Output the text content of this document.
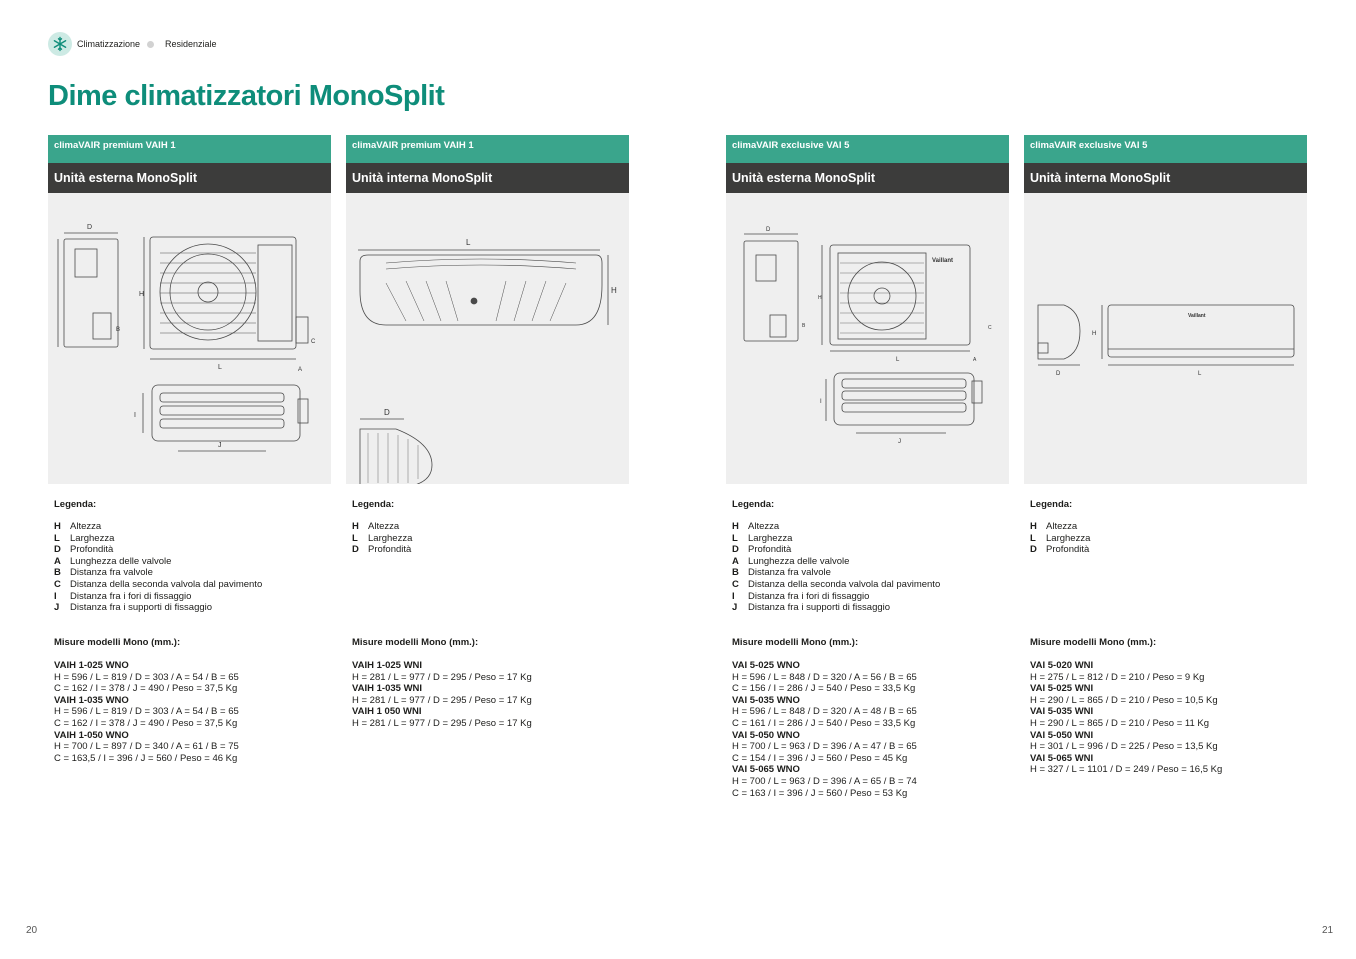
Climatizzazione	Residenziale
Dime climatizzatori MonoSplit
climaVAIR premium VAIH 1
Unità esterna MonoSplit
D
B
H
L
C
A
I
J
Legenda:
H Altezza
L Larghezza
D Profondità
A Lunghezza delle valvole
B Distanza fra valvole
C Distanza della seconda valvola dal pavimento
I Distanza fra i fori di fissaggio
J Distanza fra i supporti di fissaggio
Misure modelli Mono (mm.):
VAIH 1-025 WNO
H = 596 / L = 819 / D = 303 / A = 54 / B = 65
C = 162 / I = 378 / J = 490 / Peso = 37,5 Kg
VAIH 1-035 WNO
H = 596 / L = 819 / D = 303 / A = 54 / B = 65
C = 162 / I = 378 / J = 490 / Peso = 37,5 Kg
VAIH 1-050 WNO
H = 700 / L = 897 / D = 340 / A = 61 / B = 75
C = 163,5 / I = 396 / J = 560 / Peso = 46 Kg
climaVAIR premium VAIH 1
Unità interna MonoSplit
L
H
D
Legenda:
H Altezza
L Larghezza
D Profondità
Misure modelli Mono (mm.):
VAIH 1-025 WNI
H = 281 / L = 977 / D = 295 / Peso = 17 Kg
VAIH 1-035 WNI
H = 281 / L = 977 / D = 295 / Peso = 17 Kg
VAIH 1 050 WNI
H = 281 / L = 977 / D = 295 / Peso = 17 Kg
climaVAIR exclusive VAI 5
Unità esterna MonoSplit
D
B
Vaillant
H
L	A
C
I
J
Legenda:
H Altezza
L Larghezza
D Profondità
A Lunghezza delle valvole
B Distanza fra valvole
C Distanza della seconda valvola dal pavimento
I Distanza fra i fori di fissaggio
J Distanza fra i supporti di fissaggio
Misure modelli Mono (mm.):
VAI 5-025 WNO
H = 596 / L = 848 / D = 320 / A = 56 / B = 65
C = 156 / I = 286 / J = 540 / Peso = 33,5 Kg
VAI 5-035 WNO
H = 596 / L = 848 / D = 320 / A = 48 / B = 65
C = 161 / I = 286 / J = 540 / Peso = 33,5 Kg
VAI 5-050 WNO
H = 700 / L = 963 / D = 396 / A = 47 / B = 65
C = 154 / I = 396 / J = 560 / Peso = 45 Kg
VAI 5-065 WNO
H = 700 / L = 963 / D = 396 / A = 65 / B = 74
C = 163 / I = 396 / J = 560 / Peso = 53 Kg
climaVAIR exclusive VAI 5
Unità interna MonoSplit
D
H
Vaillant
L
Legenda:
H Altezza
L Larghezza
D Profondità
Misure modelli Mono (mm.):
VAI 5-020 WNI
H = 275 / L = 812 / D = 210 / Peso = 9 Kg
VAI 5-025 WNI
H = 290 / L = 865 / D = 210 / Peso = 10,5 Kg
VAI 5-035 WNI
H = 290 / L = 865 / D = 210 / Peso = 11 Kg
VAI 5-050 WNI
H = 301 / L = 996 / D = 225 / Peso = 13,5 Kg
VAI 5-065 WNI
H = 327 / L = 1101 / D = 249 / Peso = 16,5 Kg
20	21
